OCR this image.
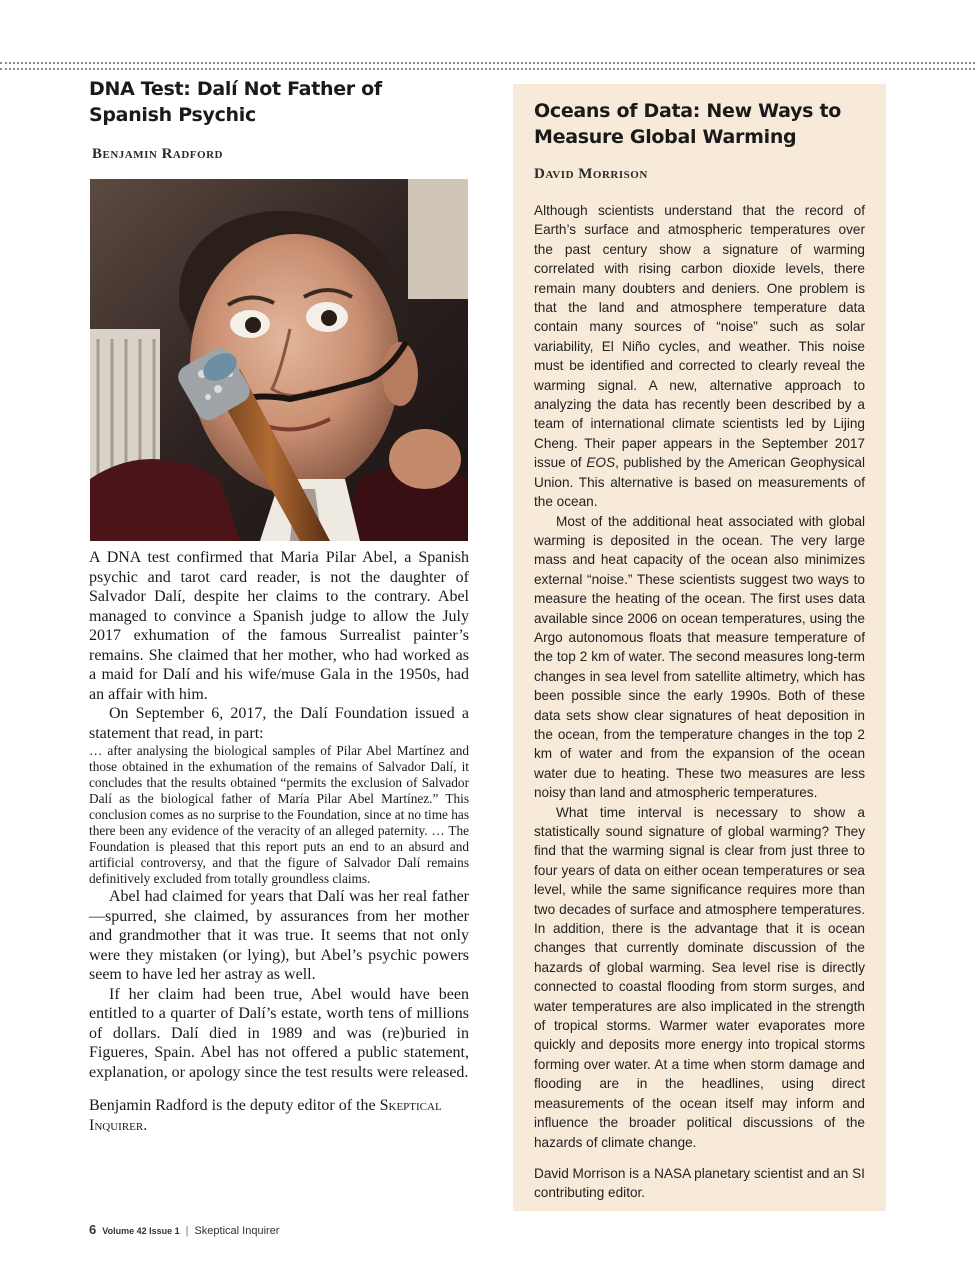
DNA Test: Dalí Not Father of Spanish Psychic
Benjamin Radford

A DNA test confirmed that Maria Pilar Abel, a Spanish psychic and tarot card reader, is not the daughter of Salvador Dalí, despite her claims to the contrary. Abel managed to convince a Spanish judge to allow the July 2017 exhumation of the famous Surrealist painter’s remains. She claimed that her mother, who had worked as a maid for Dalí and his wife/muse Gala in the 1950s, had an affair with him.

On September 6, 2017, the Dalí Foundation issued a statement that read, in part:

… after analysing the biological samples of Pilar Abel Martínez and those obtained in the exhumation of the remains of Salvador Dalí, it concludes that the results obtained “permits the exclusion of Salvador Dalí as the biological father of María Pilar Abel Martínez.” This conclusion comes as no surprise to the Foundation, since at no time has there been any evidence of the veracity of an alleged paternity. … The Foundation is pleased that this report puts an end to an absurd and artificial controversy, and that the figure of Salvador Dalí remains definitively excluded from totally groundless claims.

Abel had claimed for years that Dalí was her real father—spurred, she claimed, by assurances from her mother and grandmother that it was true. It seems that not only were they mistaken (or lying), but Abel’s psychic powers seem to have led her astray as well.

If her claim had been true, Abel would have been entitled to a quarter of Dalí’s estate, worth tens of millions of dollars. Dalí died in 1989 and was (re)buried in Figueres, Spain. Abel has not offered a public statement, explanation, or apology since the test results were released.

Benjamin Radford is the deputy editor of the Skeptical Inquirer.

Oceans of Data: New Ways to Measure Global Warming
David Morrison

Although scientists understand that the record of Earth’s surface and atmospheric temperatures over the past century show a signature of warming correlated with rising carbon dioxide levels, there remain many doubters and deniers. One problem is that the land and atmosphere temperature data contain many sources of “noise” such as solar variability, El Niño cycles, and weather. This noise must be identified and corrected to clearly reveal the warming signal. A new, alternative approach to analyzing the data has recently been described by a team of international climate scientists led by Lijing Cheng. Their paper appears in the September 2017 issue of EOS, published by the American Geophysical Union. This alternative is based on measurements of the ocean.

Most of the additional heat associated with global warming is deposited in the ocean. The very large mass and heat capacity of the ocean also minimizes external “noise.” These scientists suggest two ways to measure the heating of the ocean. The first uses data available since 2006 on ocean temperatures, using the Argo autonomous floats that measure temperature of the top 2 km of water. The second measures long-term changes in sea level from satellite altimetry, which has been possible since the early 1990s. Both of these data sets show clear signatures of heat deposition in the ocean, from the temperature changes in the top 2 km of water and from the expansion of the ocean water due to heating. These two measures are less noisy than land and atmospheric temperatures.

What time interval is necessary to show a statistically sound signature of global warming? They find that the warming signal is clear from just three to four years of data on either ocean temperatures or sea level, while the same significance requires more than two decades of surface and atmosphere temperatures. In addition, there is the advantage that it is ocean changes that currently dominate discussion of the hazards of global warming. Sea level rise is directly connected to coastal flooding from storm surges, and water temperatures are also implicated in the strength of tropical storms. Warmer water evaporates more quickly and deposits more energy into tropical storms forming over water. At a time when storm damage and flooding are in the headlines, using direct measurements of the ocean itself may inform and influence the broader political discussions of the hazards of climate change.

David Morrison is a NASA planetary scientist and an SI contributing editor.

6 Volume 42 Issue 1 | Skeptical Inquirer
